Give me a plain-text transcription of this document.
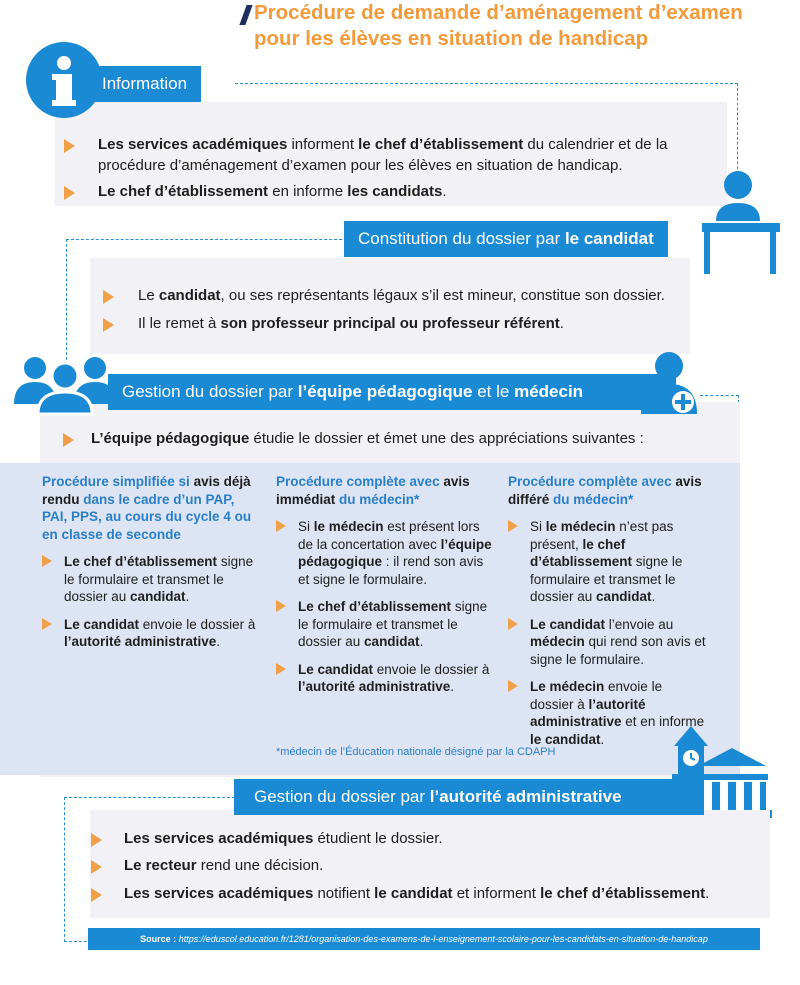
Procédure de demande d’aménagement d’examen
pour les élèves en situation de handicap
Information
Les services académiques informent le chef d’établissement du calendrier et de la procédure d’aménagement d’examen pour les élèves en situation de handicap.
Le chef d’établissement en informe les candidats.
Constitution du dossier par le candidat
Le candidat, ou ses représentants légaux s’il est mineur, constitue son dossier.
Il le remet à son professeur principal ou professeur référent.
Gestion du dossier par l’équipe pédagogique et le médecin
L’équipe pédagogique étudie le dossier et émet une des appréciations suivantes :
Procédure simplifiée si avis déjà rendu dans le cadre d’un PAP, PAI, PPS, au cours du cycle 4 ou en classe de seconde
Le chef d’établissement signe le formulaire et transmet le dossier au candidat.
Le candidat envoie le dossier à l’autorité administrative.
Procédure complète avec avis immédiat du médecin*
Si le médecin est présent lors de la concertation avec l’équipe pédagogique : il rend son avis et signe le formulaire.
Le chef d’établissement signe le formulaire et transmet le dossier au candidat.
Le candidat envoie le dossier à l’autorité administrative.
Procédure complète avec avis différé du médecin*
Si le médecin n’est pas présent, le chef d’établissement signe le formulaire et transmet le dossier au candidat.
Le candidat l’envoie au médecin qui rend son avis et signe le formulaire.
Le médecin envoie le dossier à l’autorité administrative et en informe le candidat.
*médecin de l’Éducation nationale désigné par la CDAPH
Gestion du dossier par l’autorité administrative
Les services académiques étudient le dossier.
Le recteur rend une décision.
Les services académiques notifient le candidat et informent le chef d’établissement.
Source : https://eduscol.education.fr/1281/organisation-des-examens-de-l-enseignement-scolaire-pour-les-candidats-en-situation-de-handicap
